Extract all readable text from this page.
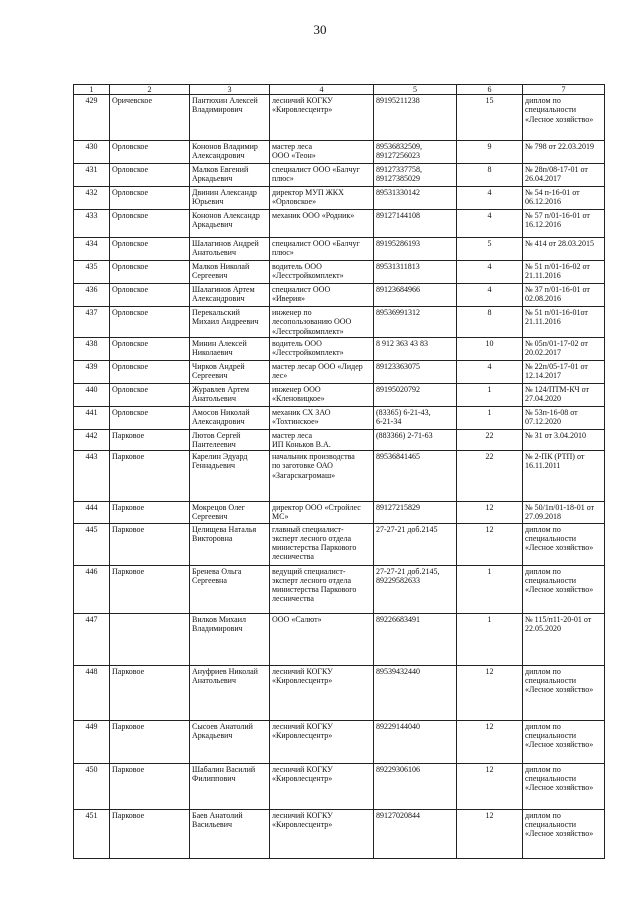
30
1	2	3	4	5	6	7

429	Оричевское	Пантюхин Алексей
Владимирович	лесничий КОГКУ
«Кировлесцентр»	89195211238	15	диплом по
специальности
«Лесное хозяйство»

430	Орловское	Кононов Владимир
Александрович	мастер леса
ООО «Теон»	89536832509,
89127256023	9	№ 798 от 22.03.2019

431	Орловское	Малков Евгений
Аркадьевич	специалист ООО «Балчуг
плюс»	89127337758,
89127385029	8	№ 28п/08-17-01 от
26.04.2017

432	Орловское	Двинин Александр
Юрьевич	директор МУП ЖКХ
«Орловское»	89531330142	4	№ 54 п-16-01 от
06.12.2016

433	Орловское	Кононов Александр
Аркадьевич	механик ООО «Родник»	89127144108	4	№ 57 п/01-16-01 от
16.12.2016

434	Орловское	Шалагинов Андрей
Анатольевич	специалист ООО «Балчуг
плюс»	89195286193	5	№ 414 от 28.03.2015

435	Орловское	Малков Николай
Сергеевич	водитель ООО
«Лесстройкомплект»	89531311813	4	№ 51 п/01-16-02 от
21.11.2016

436	Орловское	Шалагинов Артем
Александрович	специалист ООО
«Иверия»	89123684966	4	№ 37 п/01-16-01 от
02.08.2016

437	Орловское	Перекальский
Михаил Андреевич	инженер по
лесопользованию ООО
«Лесстройкомплект»	89536991312	8	№ 51 п/01-16-01от
21.11.2016

438	Орловское	Минин Алексей
Николаевич	водитель ООО
«Лесстройкомплект»	8 912 363 43 83	10	№ 05п/01-17-02 от
20.02.2017

439	Орловское	Чирков Андрей
Сергеевич	мастер лесар ООО «Лидер
лес»	89123363075	4	№ 22п/05-17-01 от
12.14.2017

440	Орловское	Журавлев Артем
Анатольевич	инженер ООО
«Кленовицкое»	89195020792	1	№ 124/ПТМ-КЧ от
27.04.2020

441	Орловское	Амосов Николай
Александрович	механик СХ ЗАО
«Тохтинское»	(83365) 6-21-43,
6-21-34	1	№ 53п-16-08 от
07.12.2020

442	Парковое	Лютов Сергей
Пантелеевич	мастер леса
ИП Коньков В.А.	(883366) 2-71-63	22	№ 31 от 3.04.2010

443	Парковое	Карелин Эдуард
Геннадьевич	начальник производства
по заготовке ОАО
«Загарскагромаш»	89536841465	22	№ 2-ПК (РТП) от
16.11.2011

444	Парковое	Мокрецов Олег
Сергеевич	директор ООО «Стройлес
МС»	89127215829	12	№ 50/1п/01-18-01 от
27.09.2018

445	Парковое	Целищева Наталья
Викторовна	главный специалист-
эксперт лесного отдела
министерства Паркового
лесничества	27-27-21 доб.2145	12	диплом по
специальности
«Лесное хозяйство»

446	Парковое	Бренева Ольга
Сергеевна	ведущий специалист-
эксперт лесного отдела
министерства Паркового
лесничества	27-27-21 доб.2145,
89229582633	1	диплом по
специальности
«Лесное хозяйство»

447		Вилков Михаил
Владимирович	ООО «Салют»	89226683491	1	№ 115/п11-20-01 от
22.05.2020

448	Парковое	Ануфриев Николай
Анатольевич	лесничий КОГКУ
«Кировлесцентр»	89539432440	12	диплом по
специальности
«Лесное хозяйство»

449	Парковое	Сысоев Анатолий
Аркадьевич	лесничий КОГКУ
«Кировлесцентр»	89229144040	12	диплом по
специальности
«Лесное хозяйство»

450	Парковое	Шабалин Василий
Филиппович	лесничий КОГКУ
«Кировлесцентр»	89229306106	12	диплом по
специальности
«Лесное хозяйство»

451	Парковое	Баев Анатолий
Васильевич	лесничий КОГКУ
«Кировлесцентр»	89127020844	12	диплом по
специальности
«Лесное хозяйство»
